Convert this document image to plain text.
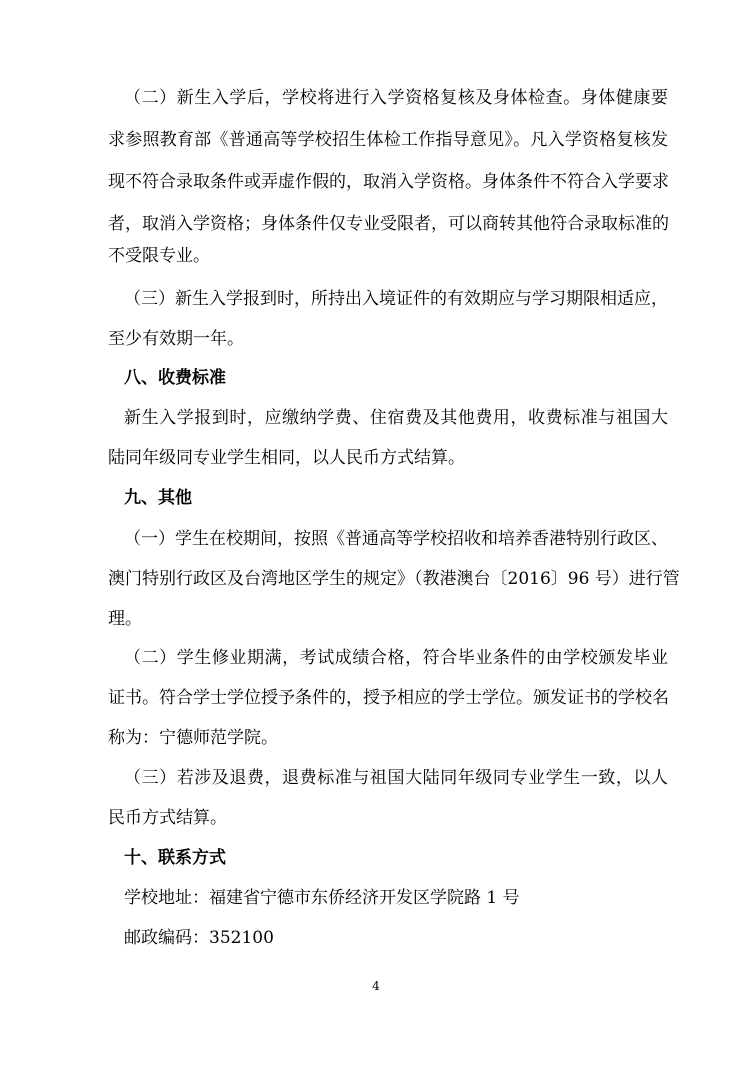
（二）新生入学后，学校将进行入学资格复核及身体检查。身体健康要
求参照教育部《普通高等学校招生体检工作指导意见》。凡入学资格复核发
现不符合录取条件或弄虚作假的，取消入学资格。身体条件不符合入学要求
者，取消入学资格；身体条件仅专业受限者，可以商转其他符合录取标准的
不受限专业。
（三）新生入学报到时，所持出入境证件的有效期应与学习期限相适应，
至少有效期一年。
八、收费标准
新生入学报到时，应缴纳学费、住宿费及其他费用，收费标准与祖国大
陆同年级同专业学生相同，以人民币方式结算。
九、其他
（一）学生在校期间，按照《普通高等学校招收和培养香港特别行政区、
澳门特别行政区及台湾地区学生的规定》（教港澳台〔2016〕96 号）进行管
理。
（二）学生修业期满，考试成绩合格，符合毕业条件的由学校颁发毕业
证书。符合学士学位授予条件的，授予相应的学士学位。颁发证书的学校名
称为：宁德师范学院。
（三）若涉及退费，退费标准与祖国大陆同年级同专业学生一致，以人
民币方式结算。
十、联系方式
学校地址：福建省宁德市东侨经济开发区学院路 1 号
邮政编码：352100
4
